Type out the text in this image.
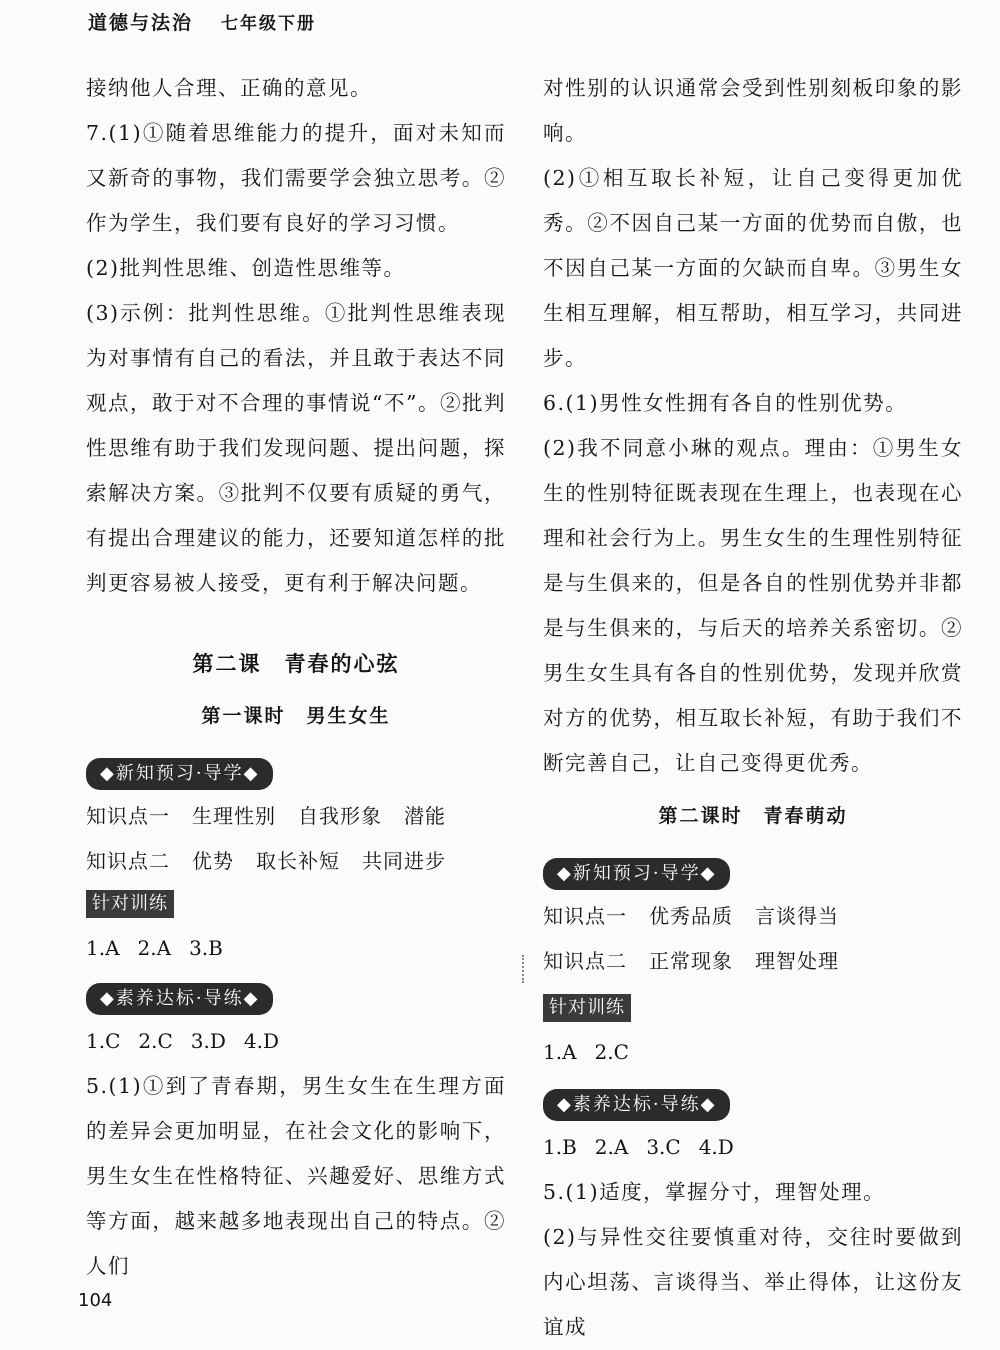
道德与法治 七年级下册

接纳他人合理、正确的意见。

7.(1)①随着思维能力的提升，面对未知而又新奇的事物，我们需要学会独立思考。②作为学生，我们要有良好的学习习惯。

(2)批判性思维、创造性思维等。

(3)示例：批判性思维。①批判性思维表现为对事情有自己的看法，并且敢于表达不同观点，敢于对不合理的事情说“不”。②批判性思维有助于我们发现问题、提出问题，探索解决方案。③批判不仅要有质疑的勇气，有提出合理建议的能力，还要知道怎样的批判更容易被人接受，更有利于解决问题。

第二课　青春的心弦
第一课时　男生女生
◆新知预习·导学◆
知识点一 生理性别 自我形象 潜能
知识点二 优势 取长补短 共同进步
针对训练
1.A 2.A 3.B
◆素养达标·导练◆
1.C 2.C 3.D 4.D

5.(1)①到了青春期，男生女生在生理方面的差异会更加明显，在社会文化的影响下，男生女生在性格特征、兴趣爱好、思维方式等方面，越来越多地表现出自己的特点。②人们

对性别的认识通常会受到性别刻板印象的影响。

(2)①相互取长补短，让自己变得更加优秀。②不因自己某一方面的优势而自傲，也不因自己某一方面的欠缺而自卑。③男生女生相互理解，相互帮助，相互学习，共同进步。

6.(1)男性女性拥有各自的性别优势。

(2)我不同意小琳的观点。理由：①男生女生的性别特征既表现在生理上，也表现在心理和社会行为上。男生女生的生理性别特征是与生俱来的，但是各自的性别优势并非都是与生俱来的，与后天的培养关系密切。②男生女生具有各自的性别优势，发现并欣赏对方的优势，相互取长补短，有助于我们不断完善自己，让自己变得更优秀。

第二课时　青春萌动
◆新知预习·导学◆
知识点一 优秀品质 言谈得当
知识点二 正常现象 理智处理
针对训练
1.A 2.C
◆素养达标·导练◆
1.B 2.A 3.C 4.D

5.(1)适度，掌握分寸，理智处理。

(2)与异性交往要慎重对待，交往时要做到内心坦荡、言谈得当、举止得体，让这份友谊成

104
